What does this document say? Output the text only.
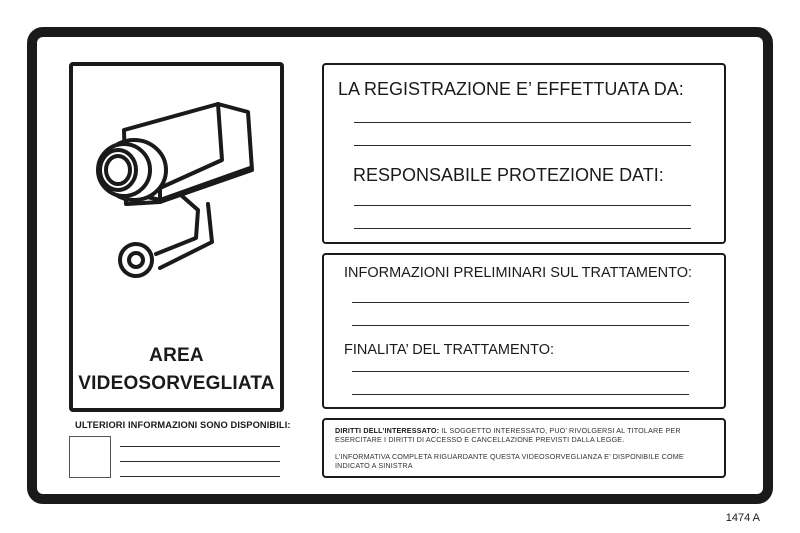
AREA
VIDEOSORVEGLIATA
ULTERIORI INFORMAZIONI SONO DISPONIBILI:
LA REGISTRAZIONE E’ EFFETTUATA DA:
RESPONSABILE PROTEZIONE DATI:
INFORMAZIONI PRELIMINARI SUL TRATTAMENTO:
FINALITA’ DEL TRATTAMENTO:
DIRITTI DELL’INTERESSATO: IL SOGGETTO INTERESSATO, PUO’ RIVOLGERSI AL TITOLARE PER ESERCITARE I DIRITTI DI ACCESSO E CANCELLAZIONE PREVISTI DALLA LEGGE.
L’INFORMATIVA COMPLETA RIGUARDANTE QUESTA VIDEOSORVEGLIANZA E’ DISPONIBILE COME INDICATO A SINISTRA
1474 A
